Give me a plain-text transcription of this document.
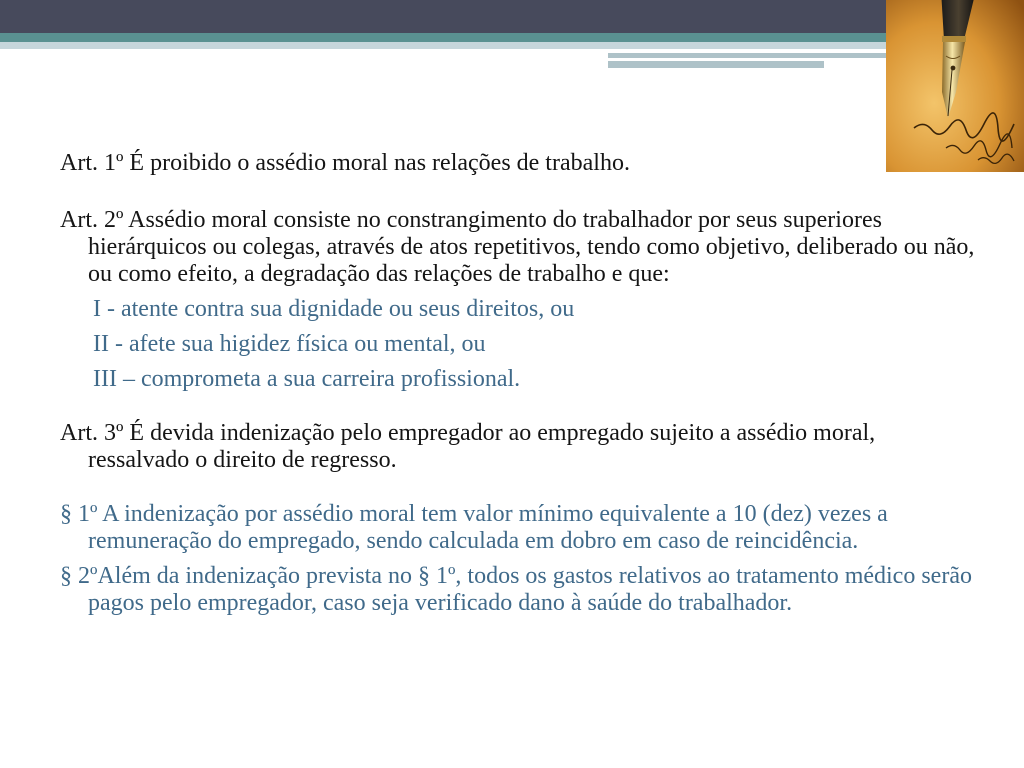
Art. 1º É proibido o assédio moral nas relações de trabalho.

Art. 2º Assédio moral consiste no constrangimento do trabalhador por seus superiores hierárquicos ou colegas, através de atos repetitivos, tendo como objetivo, deliberado ou não, ou como efeito, a degradação das relações de trabalho e que:

I - atente contra sua dignidade ou seus direitos, ou

II - afete sua higidez física ou mental, ou

III – comprometa a sua carreira profissional.

Art. 3º É devida indenização pelo empregador ao empregado sujeito a assédio moral, ressalvado o direito de regresso.

§ 1º A indenização por assédio moral tem valor mínimo equivalente a 10 (dez) vezes a remuneração do empregado, sendo calculada em dobro em caso de reincidência.

§ 2ºAlém da indenização prevista no § 1º, todos os gastos relativos ao tratamento médico serão pagos pelo empregador, caso seja verificado dano à saúde do trabalhador.
